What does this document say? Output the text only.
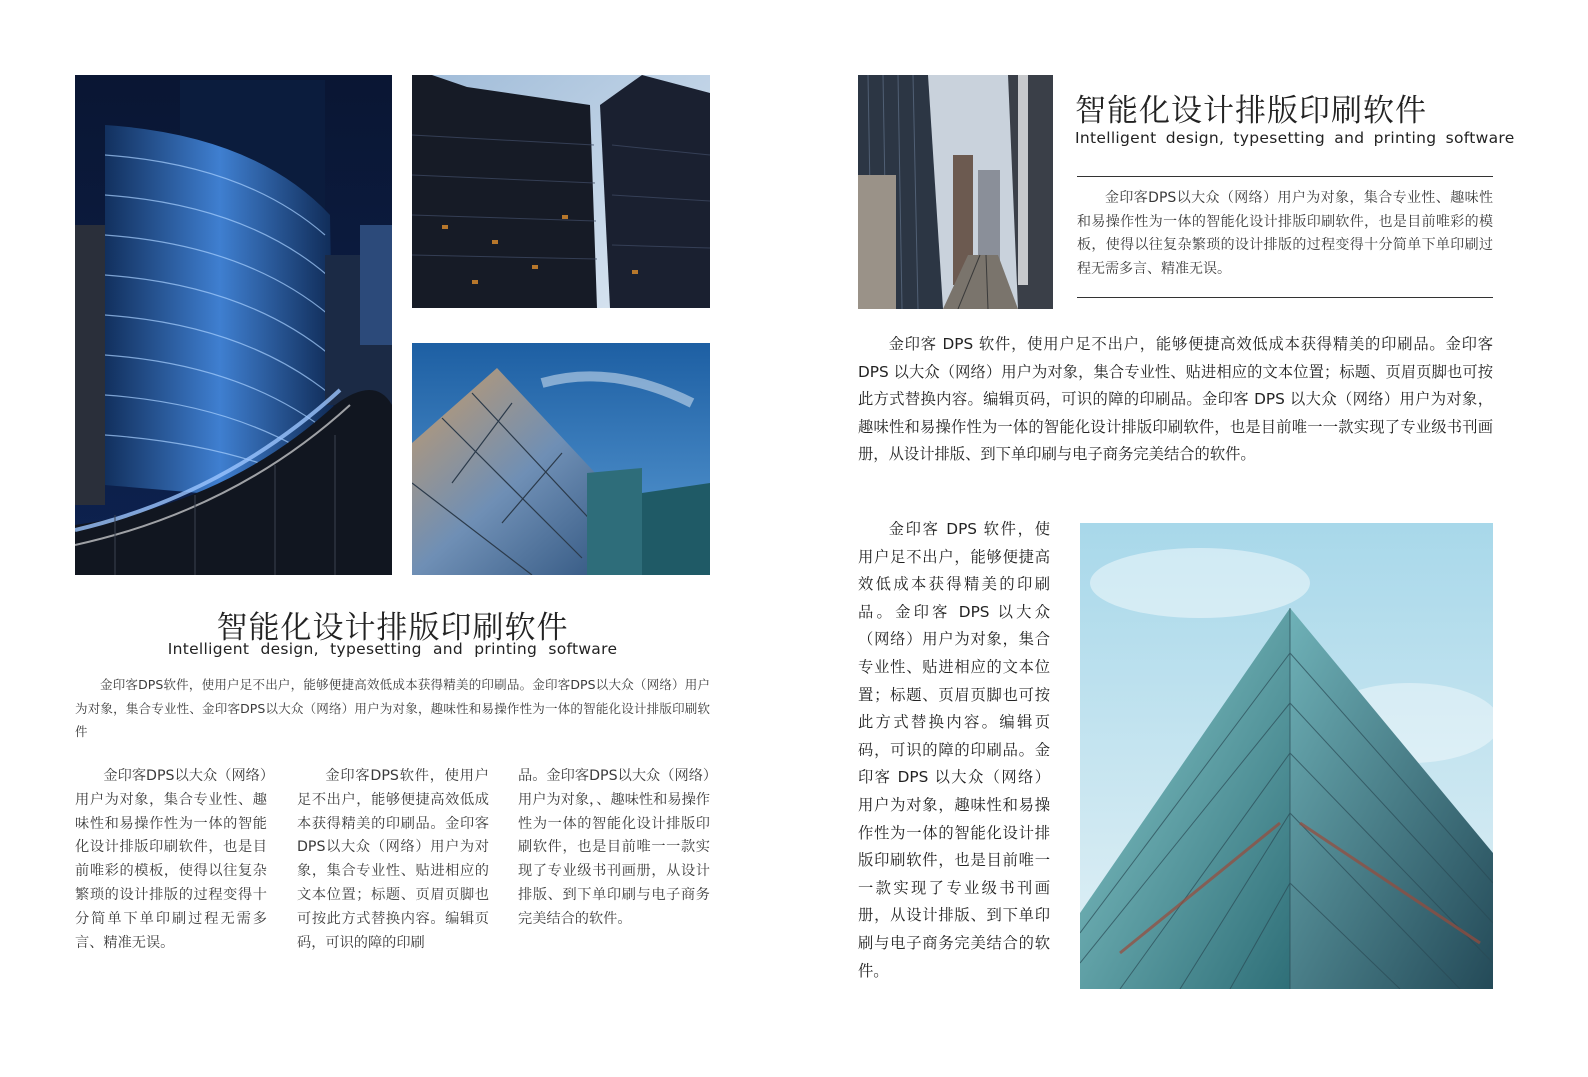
智能化设计排版印刷软件
Intelligent design, typesetting and printing software
金印客DPS软件，使用户足不出户，能够便捷高效低成本获得精美的印刷品。金印客DPS以大众（网络）用户为对象，集合专业性、金印客DPS以大众（网络）用户为对象，趣味性和易操作性为一体的智能化设计排版印刷软件
金印客DPS以大众（网络）用户为对象，集合专业性、趣味性和易操作性为一体的智能化设计排版印刷软件，也是目前唯彩的模板，使得以往复杂繁琐的设计排版的过程变得十分简单下单印刷过程无需多言、精准无误。
金印客DPS软件，使用户足不出户，能够便捷高效低成本获得精美的印刷品。金印客DPS以大众（网络）用户为对象，集合专业性、贴进相应的文本位置；标题、页眉页脚也可按此方式替换内容。编辑页码，可识的障的印刷
品。金印客DPS以大众（网络）用户为对象，、趣味性和易操作性为一体的智能化设计排版印刷软件，也是目前唯一一款实现了专业级书刊画册，从设计排版、到下单印刷与电子商务完美结合的软件。
智能化设计排版印刷软件
Intelligent design, typesetting and printing software
金印客DPS以大众（网络）用户为对象，集合专业性、趣味性和易操作性为一体的智能化设计排版印刷软件，也是目前唯彩的模板，使得以往复杂繁琐的设计排版的过程变得十分简单下单印刷过程无需多言、精准无误。
金印客 DPS 软件，使用户足不出户，能够便捷高效低成本获得精美的印刷品。金印客 DPS 以大众（网络）用户为对象，集合专业性、贴进相应的文本位置；标题、页眉页脚也可按此方式替换内容。编辑页码，可识的障的印刷品。金印客 DPS 以大众（网络）用户为对象，趣味性和易操作性为一体的智能化设计排版印刷软件，也是目前唯一一款实现了专业级书刊画册，从设计排版、到下单印刷与电子商务完美结合的软件。
金印客 DPS 软件，使用户足不出户，能够便捷高效低成本获得精美的印刷品。金印客 DPS 以大众（网络）用户为对象，集合专业性、贴进相应的文本位置；标题、页眉页脚也可按此方式替换内容。编辑页码，可识的障的印刷品。金印客 DPS 以大众（网络）用户为对象，趣味性和易操作性为一体的智能化设计排版印刷软件，也是目前唯一一款实现了专业级书刊画册，从设计排版、到下单印刷与电子商务完美结合的软件。
